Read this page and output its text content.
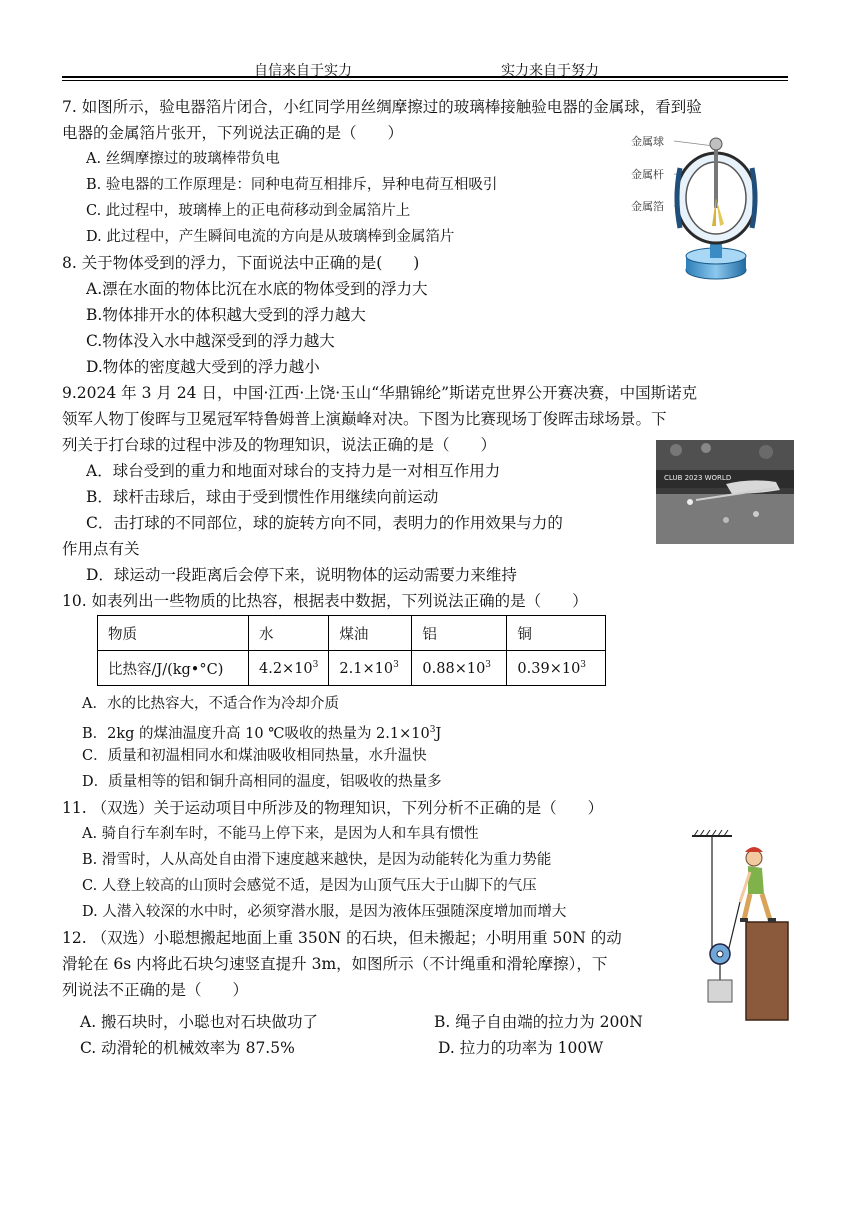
自信来自于实力	实力来自于努力
7. 如图所示，验电器箔片闭合，小红同学用丝绸摩擦过的玻璃棒接触验电器的金属球，看到验
电器的金属箔片张开，下列说法正确的是（　　）
A. 丝绸摩擦过的玻璃棒带负电
B. 验电器的工作原理是：同种电荷互相排斥，异种电荷互相吸引
C. 此过程中，玻璃棒上的正电荷移动到金属箔片上
D. 此过程中，产生瞬间电流的方向是从玻璃棒到金属箔片
金属球
金属杆
金属箔
8. 关于物体受到的浮力，下面说法中正确的是(　　)
A.漂在水面的物体比沉在水底的物体受到的浮力大
B.物体排开水的体积越大受到的浮力越大
C.物体没入水中越深受到的浮力越大
D.物体的密度越大受到的浮力越小
9.2024 年 3 月 24 日，中国·江西·上饶·玉山“华鼎锦纶”斯诺克世界公开赛决赛，中国斯诺克
领军人物丁俊晖与卫冕冠军特鲁姆普上演巅峰对决。下图为比赛现场丁俊晖击球场景。下
列关于打台球的过程中涉及的物理知识，说法正确的是（　　）
A．球台受到的重力和地面对球台的支持力是一对相互作用力
B．球杆击球后，球由于受到惯性作用继续向前运动
C．击打球的不同部位，球的旋转方向不同，表明力的作用效果与力的
作用点有关
D．球运动一段距离后会停下来，说明物体的运动需要力来维持
CLUB 2023 WORLD
10. 如表列出一些物质的比热容，根据表中数据，下列说法正确的是（　　）
物质	水	煤油	铝	铜
比热容/J/(kg•°C)	$4.2\times 10^3$	$2.1\times 10^3$	$0.88\times 10^3$	$0.39\times 10^3$
A．水的比热容大，不适合作为冷却介质
B．2kg 的煤油温度升高 10 ℃吸收的热量为 $2.1\times 10^3J$
C．质量和初温相同水和煤油吸收相同热量，水升温快
D．质量相等的铝和铜升高相同的温度，铝吸收的热量多
11. （双选）关于运动项目中所涉及的物理知识，下列分析不正确的是（　　）
A. 骑自行车刹车时，不能马上停下来，是因为人和车具有惯性
B. 滑雪时，人从高处自由滑下速度越来越快，是因为动能转化为重力势能
C. 人登上较高的山顶时会感觉不适，是因为山顶气压大于山脚下的气压
D. 人潜入较深的水中时，必须穿潜水服，是因为液体压强随深度增加而增大
12. （双选）小聪想搬起地面上重 350N 的石块，但未搬起；小明用重 50N 的动
滑轮在 6s 内将此石块匀速竖直提升 3m，如图所示（不计绳重和滑轮摩擦），下
列说法不正确的是（　　）
A. 搬石块时，小聪也对石块做功了	B. 绳子自由端的拉力为 200N
C. 动滑轮的机械效率为 87.5%	D. 拉力的功率为 100W
